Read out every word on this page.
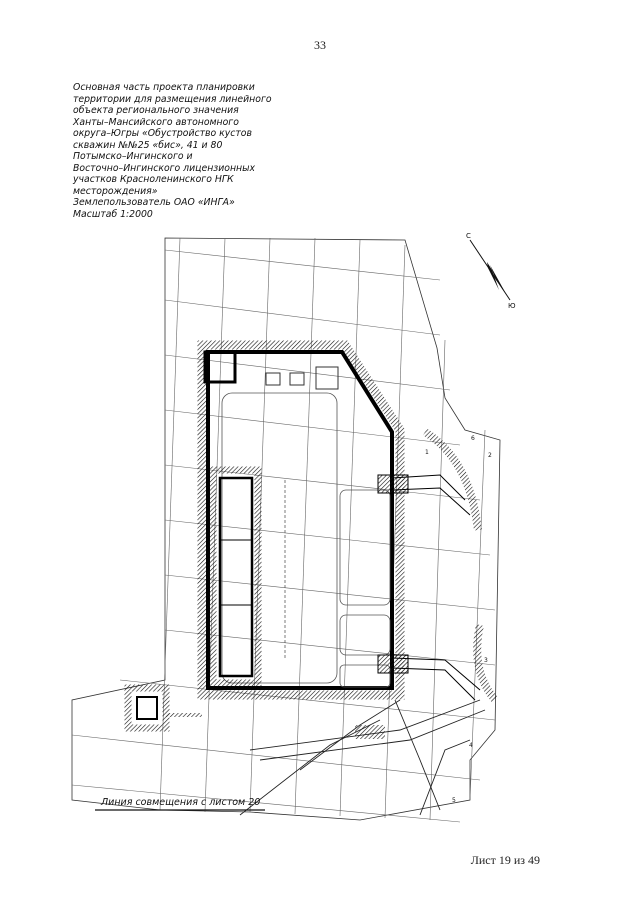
33
Основная часть проекта планировки
территории для размещения линейного
объекта регионального значения
Ханты–Мансийского автономного
округа–Югры «Обустройство кустов
скважин №№25 «бис», 41 и 80
Потымско–Ингинского и
Восточно–Ингинского лицензионных
участков Красноленинского НГК
месторождения»
Землепользователь ОАО «ИНГА»
Масштаб 1:2000
1	2
3
4
5
6
С
Ю
Линия совмещения с листом 20
Лист 19 из 49
